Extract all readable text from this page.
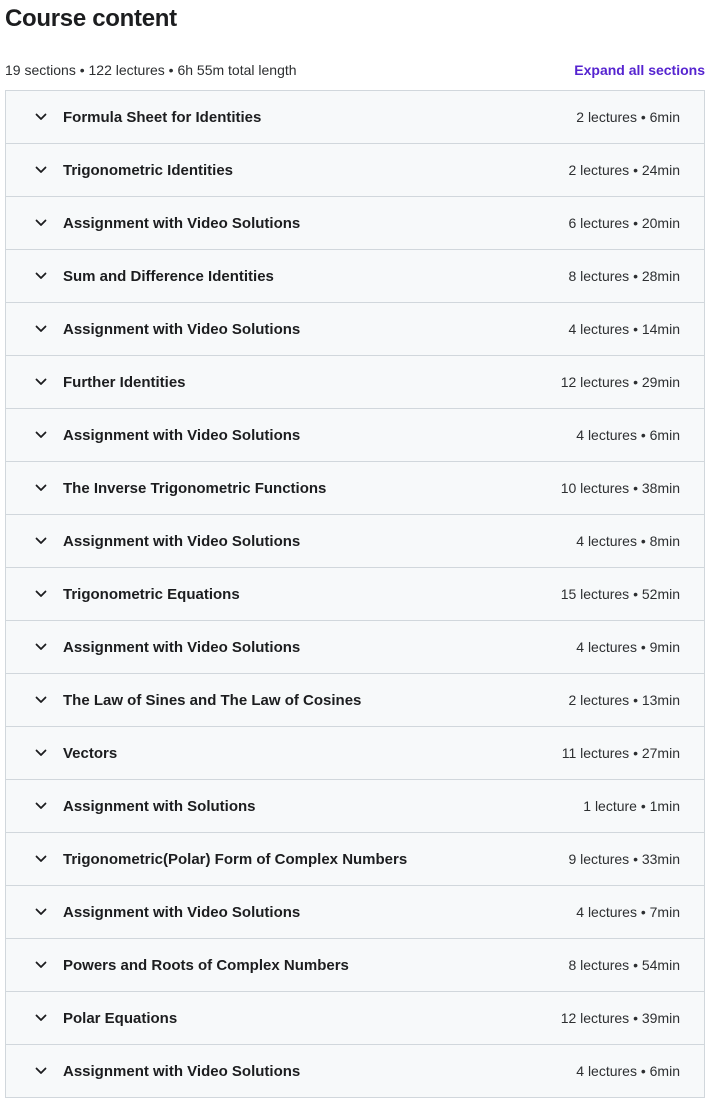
Course content
19 sections • 122 lectures • 6h 55m total length	Expand all sections
Formula Sheet for Identities	2 lectures • 6min
Trigonometric Identities	2 lectures • 24min
Assignment with Video Solutions	6 lectures • 20min
Sum and Difference Identities	8 lectures • 28min
Assignment with Video Solutions	4 lectures • 14min
Further Identities	12 lectures • 29min
Assignment with Video Solutions	4 lectures • 6min
The Inverse Trigonometric Functions	10 lectures • 38min
Assignment with Video Solutions	4 lectures • 8min
Trigonometric Equations	15 lectures • 52min
Assignment with Video Solutions	4 lectures • 9min
The Law of Sines and The Law of Cosines	2 lectures • 13min
Vectors	11 lectures • 27min
Assignment with Solutions	1 lecture • 1min
Trigonometric(Polar) Form of Complex Numbers	9 lectures • 33min
Assignment with Video Solutions	4 lectures • 7min
Powers and Roots of Complex Numbers	8 lectures • 54min
Polar Equations	12 lectures • 39min
Assignment with Video Solutions	4 lectures • 6min
